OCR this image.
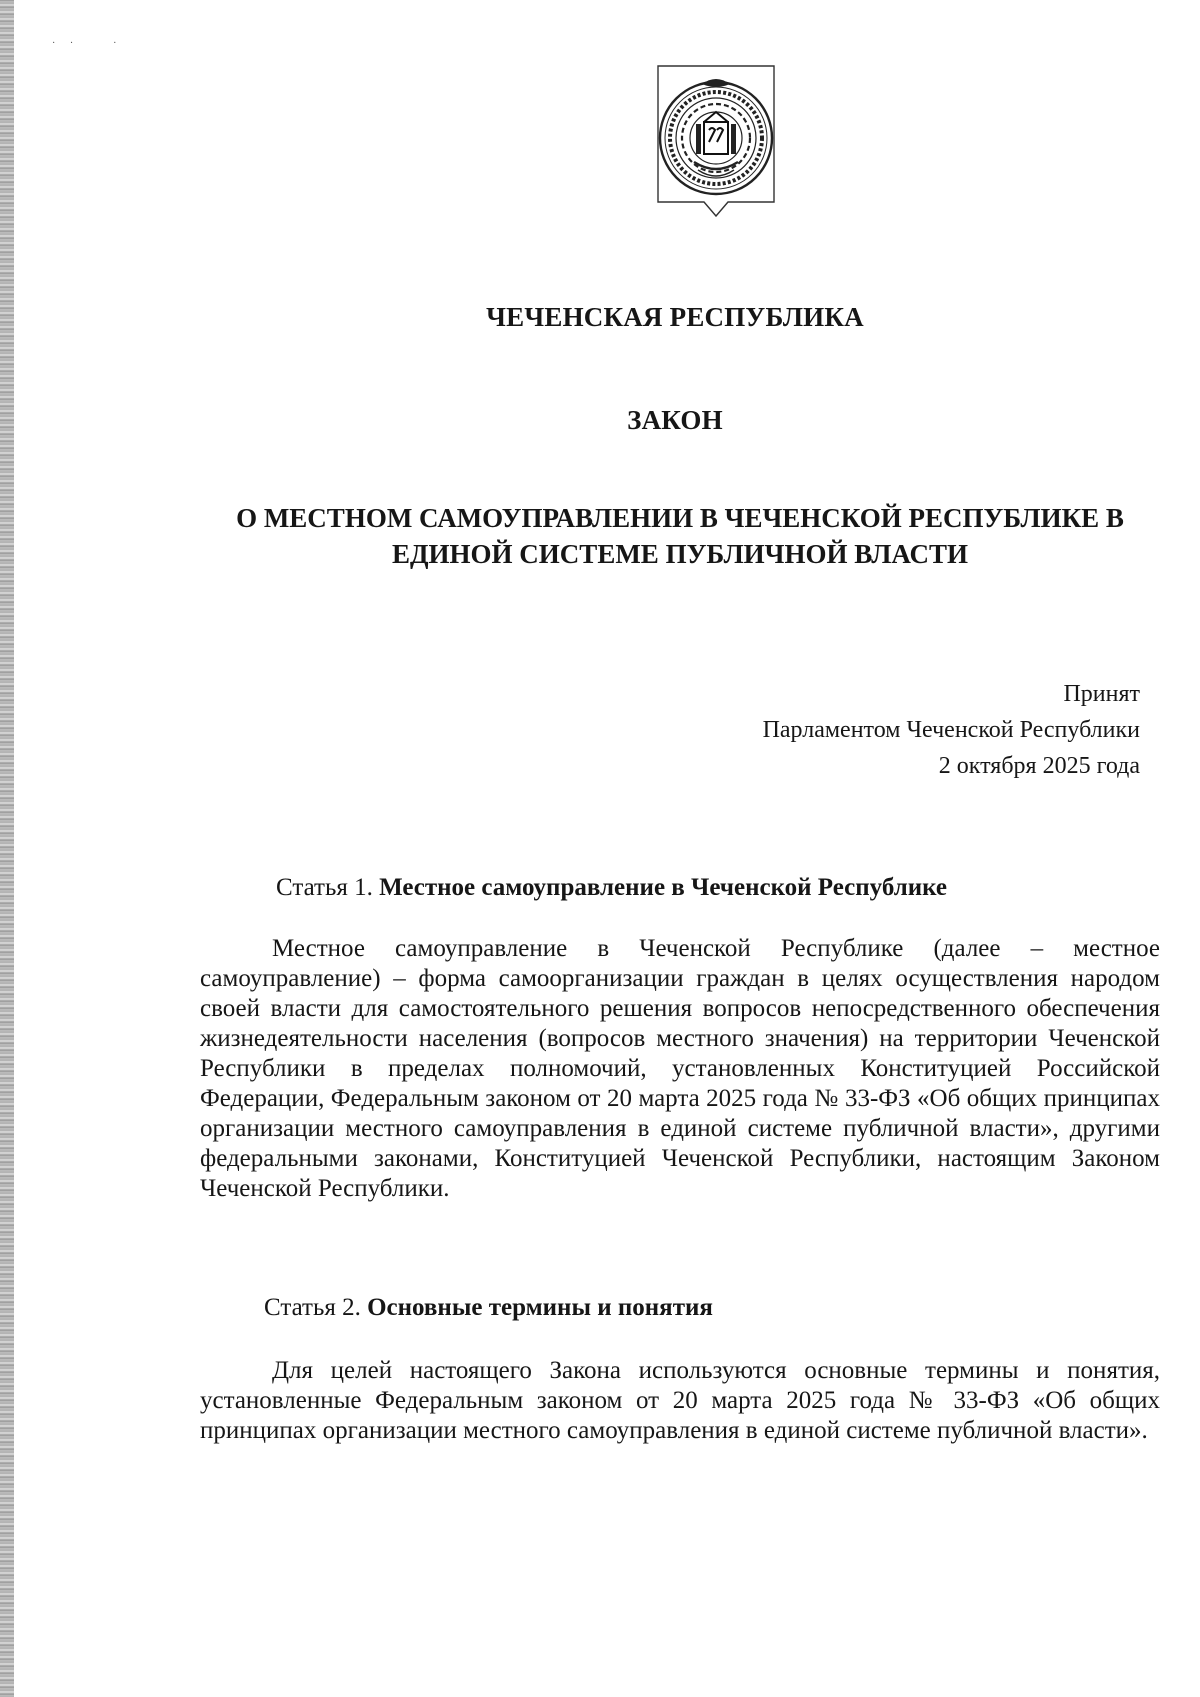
· ·    ·
ЧЕЧЕНСКАЯ РЕСПУБЛИКА
ЗАКОН
О МЕСТНОМ САМОУПРАВЛЕНИИ В ЧЕЧЕНСКОЙ РЕСПУБЛИКЕ В ЕДИНОЙ СИСТЕМЕ ПУБЛИЧНОЙ ВЛАСТИ
Принят
Парламентом Чеченской Республики
2 октября 2025 года
Статья 1. Местное самоуправление в Чеченской Республике
Местное самоуправление в Чеченской Республике (далее – местное самоуправление) – форма самоорганизации граждан в целях осуществления народом своей власти для самостоятельного решения вопросов непосредственного обеспечения жизнедеятельности населения (вопросов местного значения) на территории Чеченской Республики в пределах полномочий, установленных Конституцией Российской Федерации, Федеральным законом от 20 марта 2025 года № 33-ФЗ «Об общих принципах организации местного самоуправления в единой системе публичной власти», другими федеральными законами, Конституцией Чеченской Республики, настоящим Законом Чеченской Республики.
Статья 2. Основные термины и понятия
Для целей настоящего Закона используются основные термины и понятия, установленные Федеральным законом от 20 марта 2025 года № 33-ФЗ «Об общих принципах организации местного самоуправления в единой системе публичной власти».
